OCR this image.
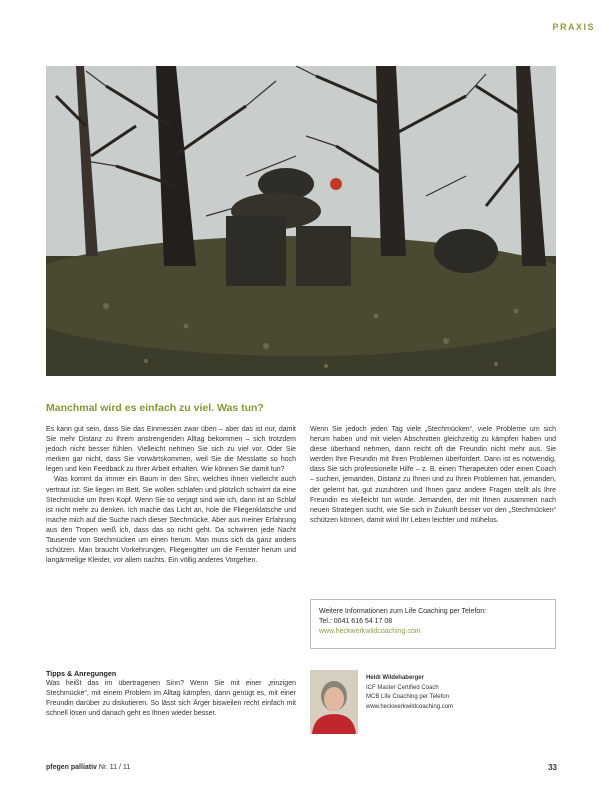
PRAXIS
Manchmal wird es einfach zu viel. Was tun?

Es kann gut sein, dass Sie das Einmessen zwar üben – aber das ist nur, damit Sie mehr Distanz zu Ihrem anstrengenden Alltag bekommen – sich trotzdem jedoch nicht besser fühlen. Vielleicht nehmen Sie sich zu viel vor. Oder Sie merken gar nicht, dass Sie vorwärtskommen, weil Sie die Messlatte so hoch legen und kein Feedback zu Ihrer Arbeit erhalten. Wie können Sie damit tun?

Was kommt da immer ein Baum in den Sinn, welches ihnen vielleicht auch vertraut ist: Sie liegen im Bett, Sie wollen schlafen und plötzlich schwirrt da eine Stechmücke um Ihren Kopf. Wenn Sie so verjagt sind wie ich, dann ist an Schlaf ist nicht mehr zu denken. Ich mache das Licht an, hole die Fliegenklatsche und mache mich auf die Suche nach dieser Stechmücke. Aber aus meiner Erfahrung aus den Tropen weiß ich, dass das so nicht geht. Da schwirren jede Nacht Tausende von Stechmücken um einen herum. Man muss sich da ganz anders schützen. Man braucht Vorkehrungen, Fliegengitter um die Fenster herum und langärmelige Kleider, vor allem nachts. Ein völlig anderes Vorgehen.

Tipps & Anregungen
Was heißt das im übertragenen Sinn? Wenn Sie mit einer „einzigen Stechmücke“, mit einem Problem im Alltag kämpfen, dann genügt es, mit einer Freundin darüber zu diskutieren. So lässt sich Ärger bisweilen recht einfach mit schnell lösen und danach geht es Ihnen wieder besser.

Wenn Sie jedoch jeden Tag viele „Stechmücken“, viele Probleme um sich herum haben und mit vielen Abschnitten gleichzeitig zu kämpfen haben und diese überhand nehmen, dann reicht oft die Freundin nicht mehr aus. Sie werden Ihre Freundin mit Ihren Problemen überfordert. Dann ist es notwendig, dass Sie sich professionelle Hilfe – z. B. einen Therapeuten oder einen Coach – suchen, jemanden, Distanz zu Ihnen und zu Ihren Problemen hat, jemanden, der gelernt hat, gut zuzuhören und Ihnen ganz andere Fragen stellt als Ihre Freundin es vielleicht tun würde. Jemanden, der mit Ihnen zusammen nach neuen Strategien sucht, wie Sie sich in Zukunft besser vor den „Stechmücken“ schützen können, damit wird Ihr Leben leichter und mühelos.

Weitere Informationen zum Life Coaching per Telefon:
Tel.: 0041 616 54 17 08
www.heckwerkwildcoaching.com
Heidi Wildehaberger
ICF Master Certified Coach
MCB Life Coaching per Telefon
www.heckwerkwildcoaching.com
pfegen palliativ Nr. 11 / 11	33
